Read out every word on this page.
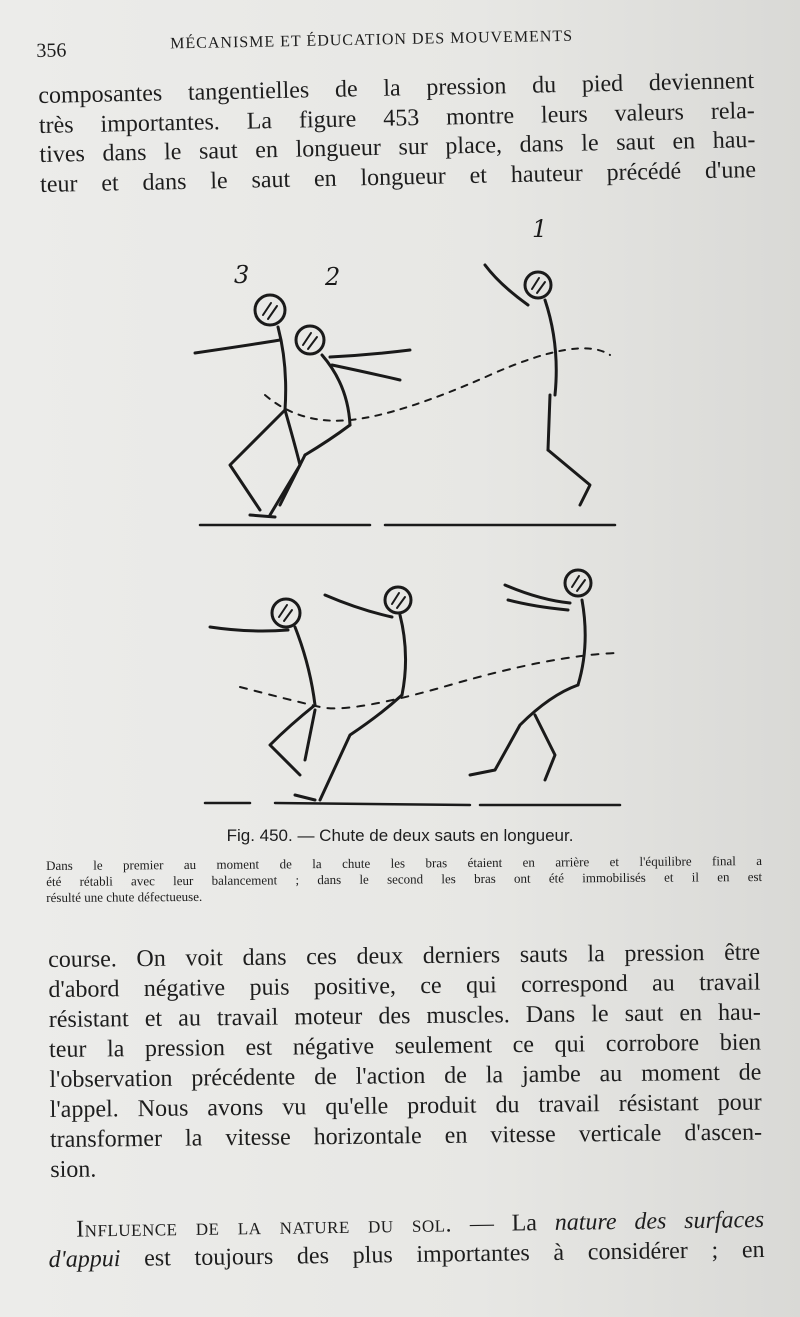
356	MÉCANISME ET ÉDUCATION DES MOUVEMENTS
composantes tangentielles de la pression du pied deviennent
très importantes. La figure 453 montre leurs valeurs rela-
tives dans le saut en longueur sur place, dans le saut en hau-
teur et dans le saut en longueur et hauteur précédé d'une
1
2
3
Fig. 450. — Chute de deux sauts en longueur.
Dans le premier au moment de la chute les bras étaient en arrière et l'équilibre final a
été rétabli avec leur balancement ; dans le second les bras ont été immobilisés et il en est
résulté une chute défectueuse.
course. On voit dans ces deux derniers sauts la pression être
d'abord négative puis positive, ce qui correspond au travail
résistant et au travail moteur des muscles. Dans le saut en hau-
teur la pression est négative seulement ce qui corrobore bien
l'observation précédente de l'action de la jambe au moment de
l'appel. Nous avons vu qu'elle produit du travail résistant pour
transformer la vitesse horizontale en vitesse verticale d'ascen-
sion.
Influence de la nature du sol. — La nature des surfaces
d'appui est toujours des plus importantes à considérer ; en
